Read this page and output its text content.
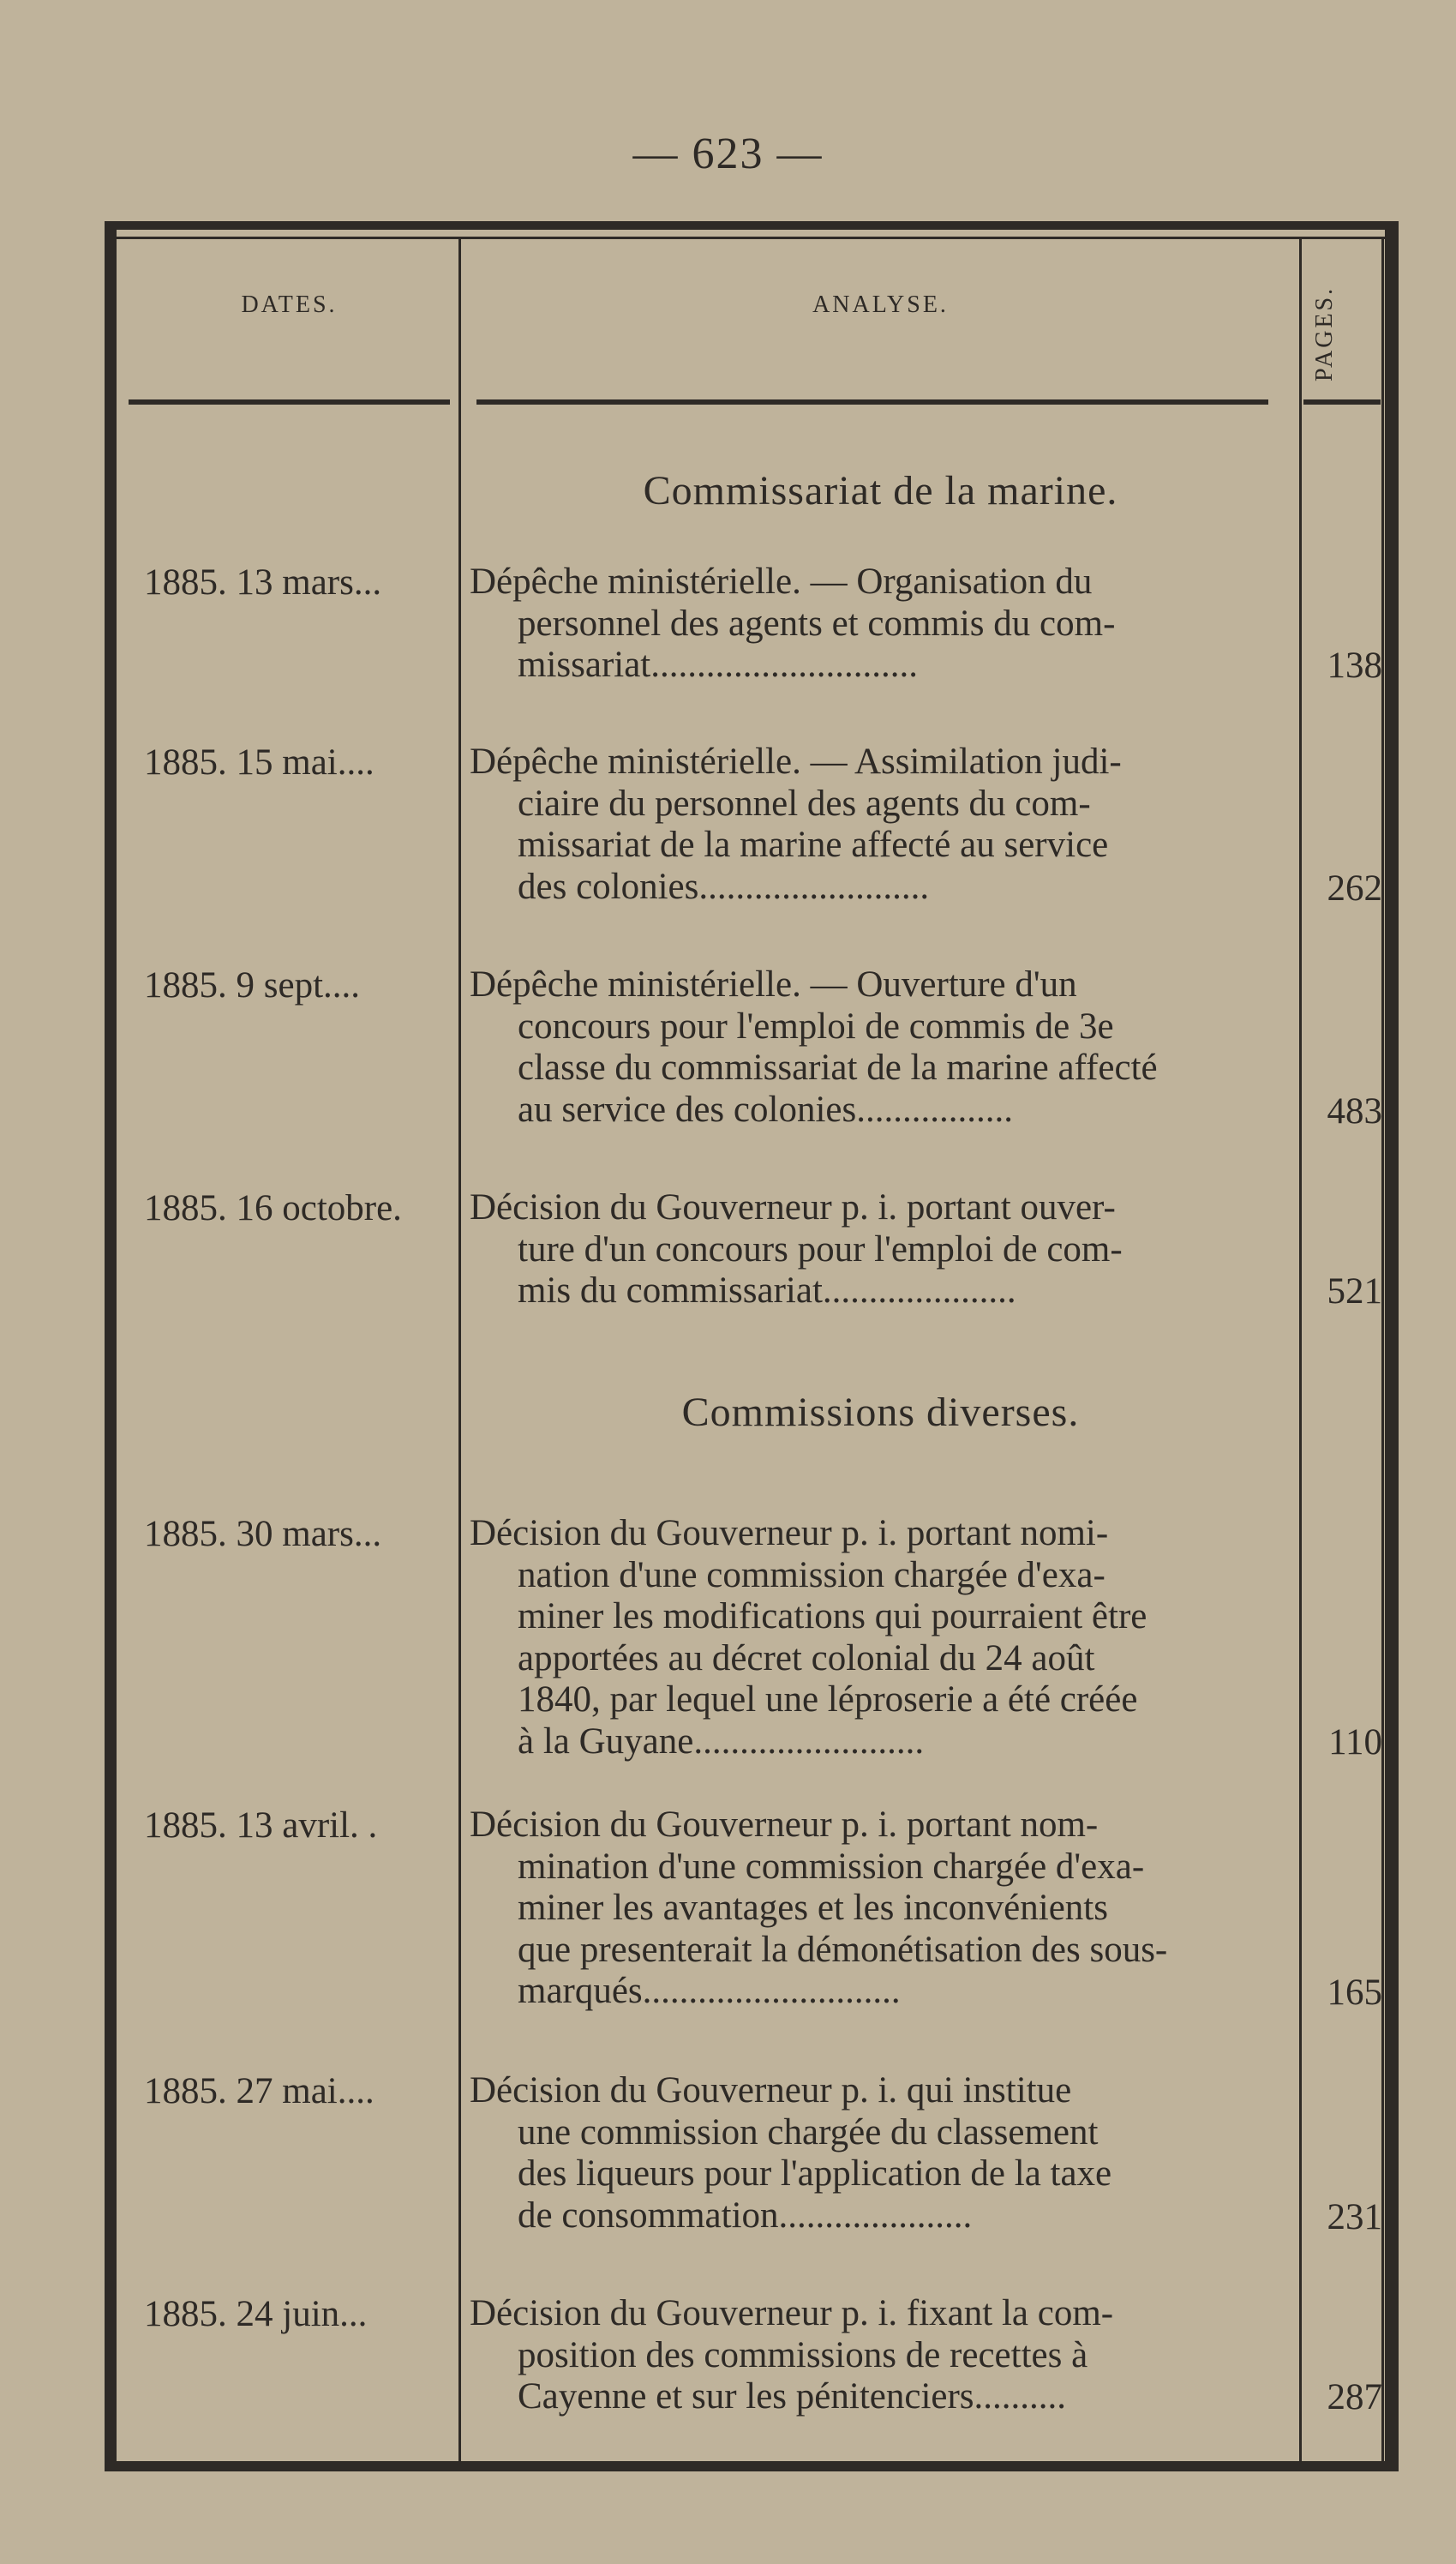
— 623 —
DATES.	ANALYSE.	PAGES.
Commissariat de la marine.
1885. 13 mars...	Dépêche ministérielle. — Organisation du
personnel des agents et commis du com-
missariat.............................	138
1885. 15 mai....	Dépêche ministérielle. — Assimilation judi-
ciaire du personnel des agents du com-
missariat de la marine affecté au service
des colonies.........................	262
1885. 9 sept....	Dépêche ministérielle. — Ouverture d'un
concours pour l'emploi de commis de 3e
classe du commissariat de la marine affecté
au service des colonies.................	483
1885. 16 octobre.	Décision du Gouverneur p. i. portant ouver-
ture d'un concours pour l'emploi de com-
mis du commissariat.....................	521
Commissions diverses.
1885. 30 mars...	Décision du Gouverneur p. i. portant nomi-
nation d'une commission chargée d'exa-
miner les modifications qui pourraient être
apportées au décret colonial du 24 août
1840, par lequel une léproserie a été créée
à la Guyane.........................	110
1885. 13 avril. .	Décision du Gouverneur p. i. portant nom-
mination d'une commission chargée d'exa-
miner les avantages et les inconvénients
que presenterait la démonétisation des sous-
marqués............................	165
1885. 27 mai....	Décision du Gouverneur p. i. qui institue
une commission chargée du classement
des liqueurs pour l'application de la taxe
de consommation.....................	231
1885. 24 juin...	Décision du Gouverneur p. i. fixant la com-
position des commissions de recettes à
Cayenne et sur les pénitenciers..........	287
